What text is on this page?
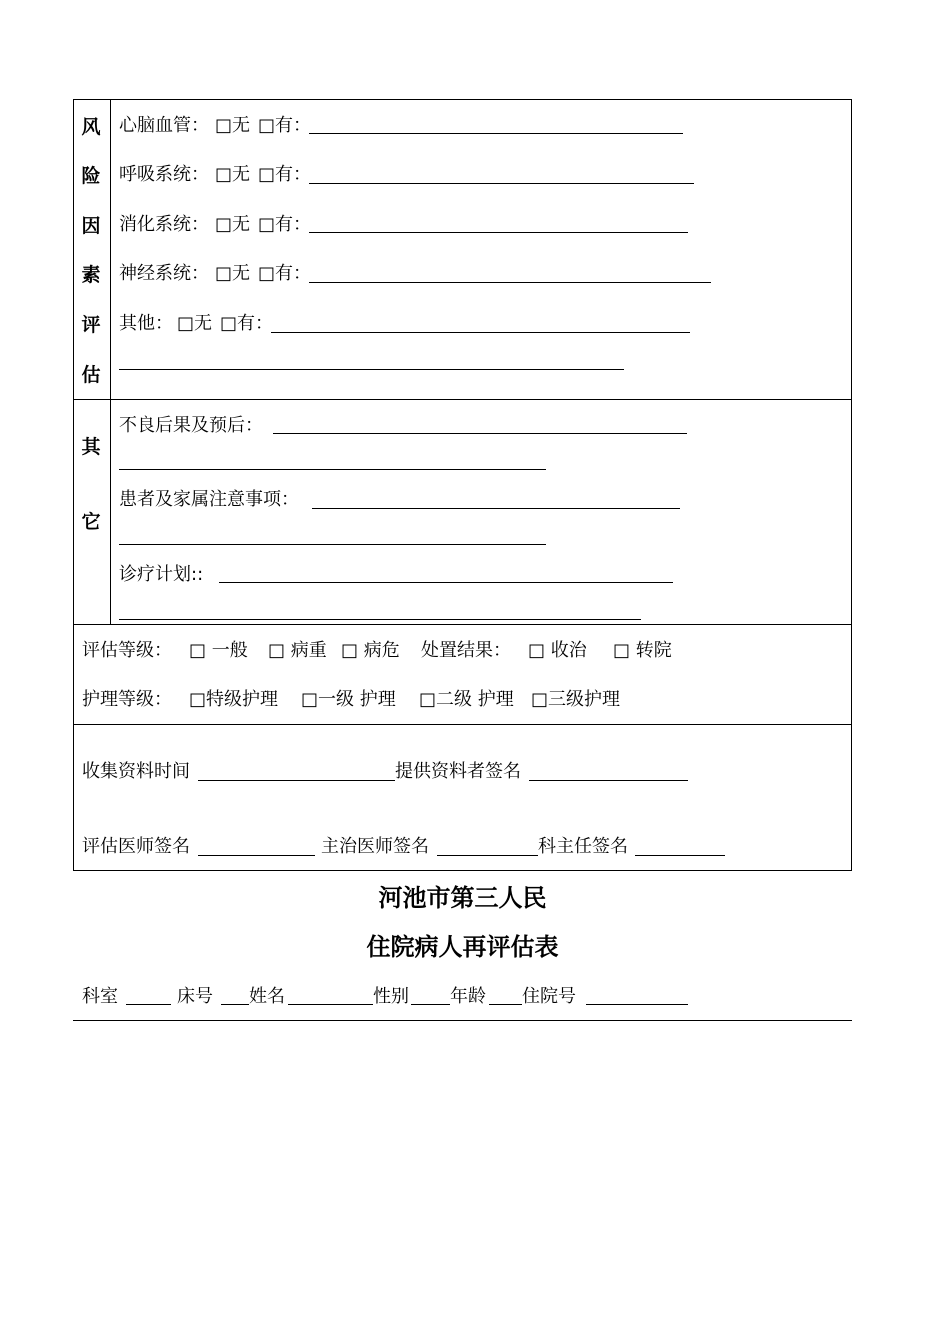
风
险
因
素
评
估
心脑血管： □无 □有：
呼吸系统： □无 □有：
消化系统： □无 □有：
神经系统： □无 □有：
其他： □无 □有：
其
它
不良后果及预后：
患者及家属注意事项：
诊疗计划::
评估等级： □ 一般 □ 病重 □ 病危 处置结果： □ 收治 □ 转院
护理等级： □特级护理 □一级 护理 □二级 护理 □三级护理
收集资料时间	提供资料者签名
评估医师签名	主治医师签名	科主任签名
河池市第三人民
住院病人再评估表
科室	床号 姓名	性别 年龄 住院号
